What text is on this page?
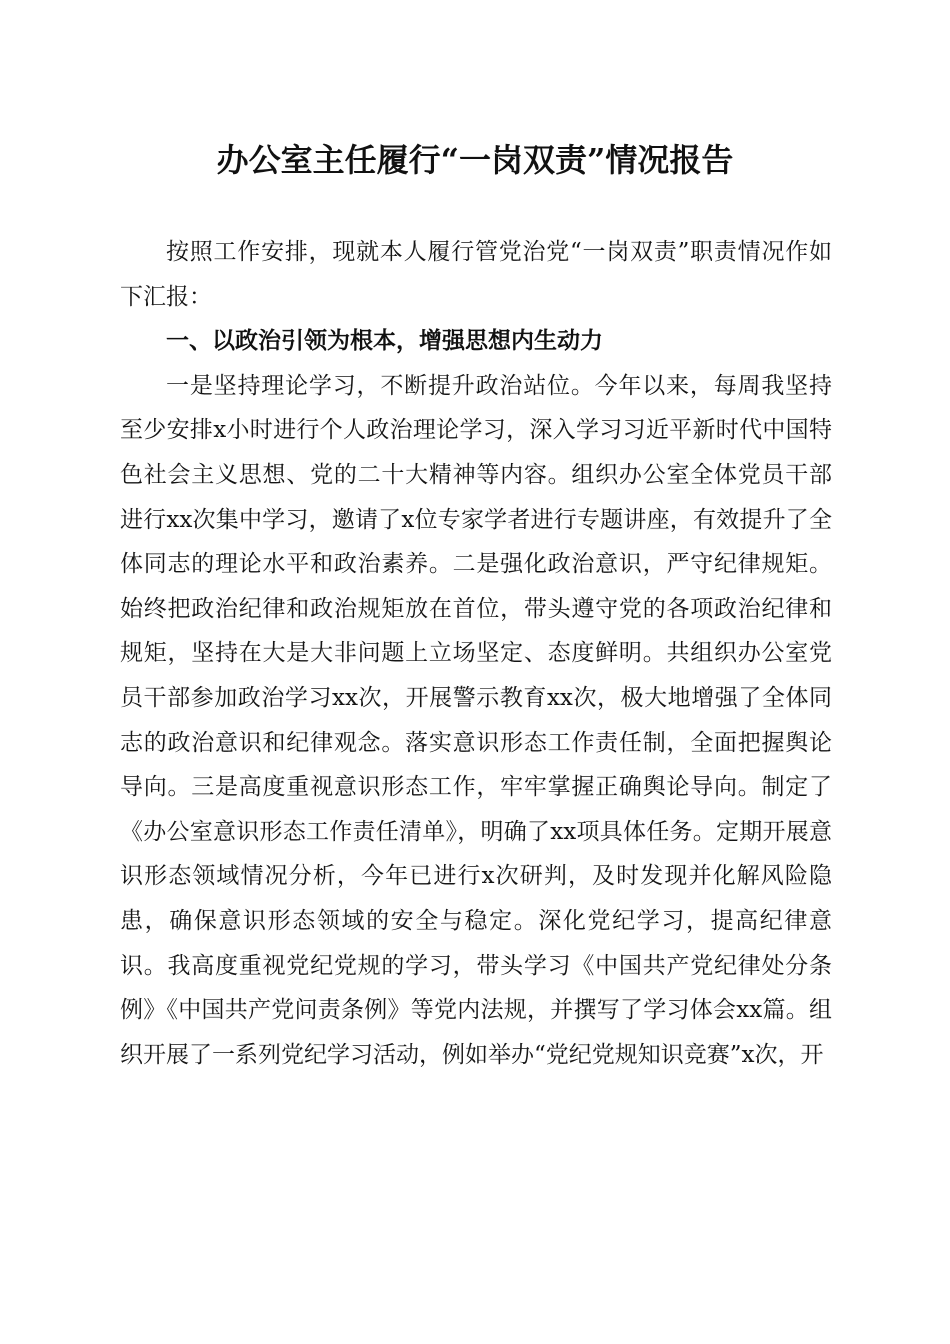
办公室主任履行“一岗双责”情况报告

按照工作安排，现就本人履行管党治党“一岗双责”职责情况作如下汇报：

一、以政治引领为根本，增强思想内生动力

一是坚持理论学习，不断提升政治站位。今年以来，每周我坚持至少安排x小时进行个人政治理论学习，深入学习习近平新时代中国特色社会主义思想、党的二十大精神等内容。组织办公室全体党员干部进行xx次集中学习，邀请了x位专家学者进行专题讲座，有效提升了全体同志的理论水平和政治素养。二是强化政治意识，严守纪律规矩。始终把政治纪律和政治规矩放在首位，带头遵守党的各项政治纪律和规矩，坚持在大是大非问题上立场坚定、态度鲜明。共组织办公室党员干部参加政治学习xx次，开展警示教育xx次，极大地增强了全体同志的政治意识和纪律观念。落实意识形态工作责任制，全面把握舆论导向。三是高度重视意识形态工作，牢牢掌握正确舆论导向。制定了《办公室意识形态工作责任清单》，明确了xx项具体任务。定期开展意识形态领域情况分析，今年已进行x次研判，及时发现并化解风险隐患，确保意识形态领域的安全与稳定。深化党纪学习，提高纪律意识。我高度重视党纪党规的学习，带头学习《中国共产党纪律处分条例》《中国共产党问责条例》等党内法规，并撰写了学习体会xx篇。组织开展了一系列党纪学习活动，例如举办“党纪党规知识竞赛”x次，开
